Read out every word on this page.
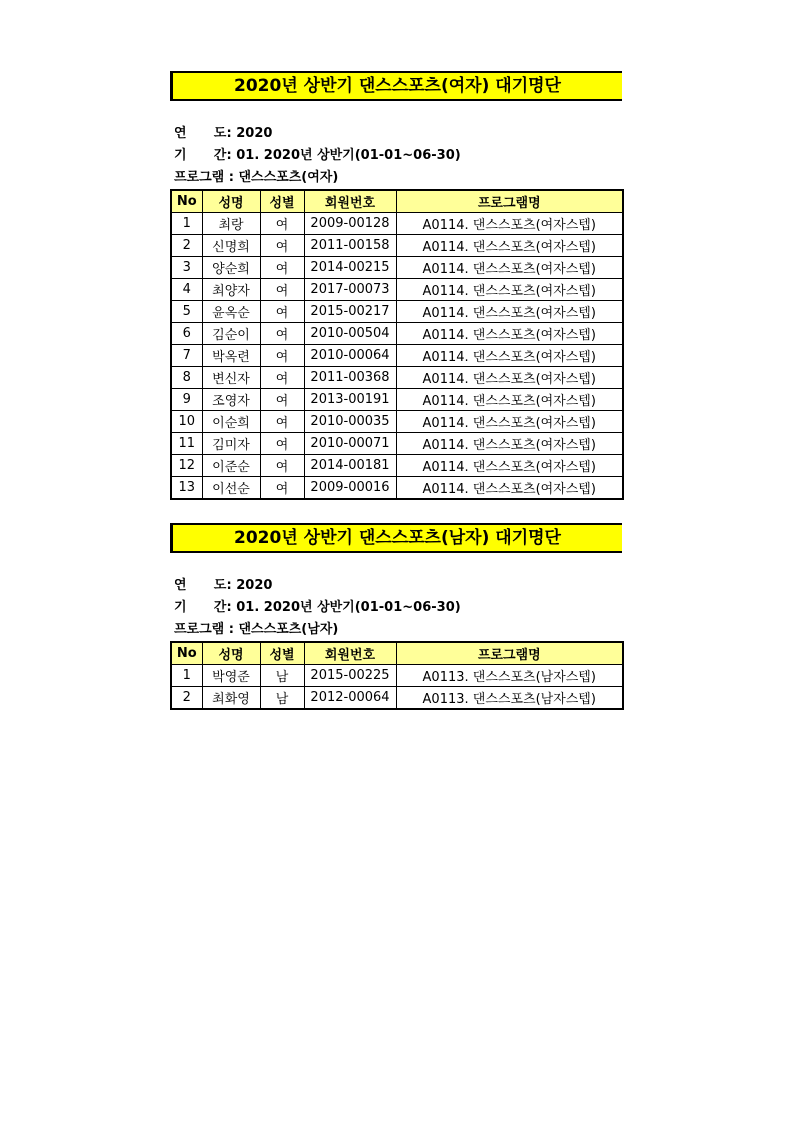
2020년 상반기 댄스스포츠(여자) 대기명단
연      도 : 2020
기      간 : 01. 2020년 상반기(01-01~06-30)
프로그램 : 댄스스포츠(여자)
No	성명	성별	회원번호	프로그램명
1	최랑	여	2009-00128	A0114. 댄스스포츠(여자스텝)
2	신명희	여	2011-00158	A0114. 댄스스포츠(여자스텝)
3	양순희	여	2014-00215	A0114. 댄스스포츠(여자스텝)
4	최양자	여	2017-00073	A0114. 댄스스포츠(여자스텝)
5	윤옥순	여	2015-00217	A0114. 댄스스포츠(여자스텝)
6	김순이	여	2010-00504	A0114. 댄스스포츠(여자스텝)
7	박옥련	여	2010-00064	A0114. 댄스스포츠(여자스텝)
8	변신자	여	2011-00368	A0114. 댄스스포츠(여자스텝)
9	조영자	여	2013-00191	A0114. 댄스스포츠(여자스텝)
10	이순희	여	2010-00035	A0114. 댄스스포츠(여자스텝)
11	김미자	여	2010-00071	A0114. 댄스스포츠(여자스텝)
12	이준순	여	2014-00181	A0114. 댄스스포츠(여자스텝)
13	이선순	여	2009-00016	A0114. 댄스스포츠(여자스텝)
2020년 상반기 댄스스포츠(남자) 대기명단
연      도 : 2020
기      간 : 01. 2020년 상반기(01-01~06-30)
프로그램 : 댄스스포츠(남자)
No	성명	성별	회원번호	프로그램명
1	박영준	남	2015-00225	A0113. 댄스스포츠(남자스텝)
2	최화영	남	2012-00064	A0113. 댄스스포츠(남자스텝)
